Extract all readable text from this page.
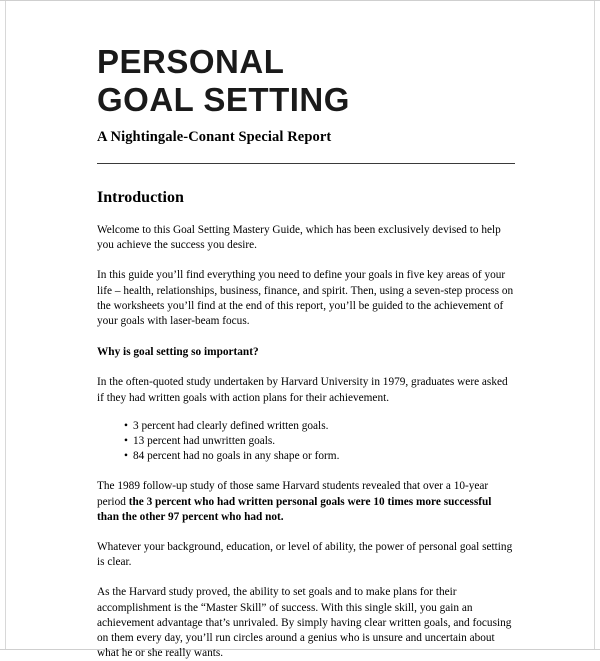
PERSONAL
GOAL SETTING
A Nightingale-Conant Special Report
Introduction

Welcome to this Goal Setting Mastery Guide, which has been exclusively devised to help you achieve the success you desire.

In this guide you’ll find everything you need to define your goals in five key areas of your life – health, relationships, business, finance, and spirit. Then, using a seven-step process on the worksheets you’ll find at the end of this report, you’ll be guided to the achievement of your goals with laser-beam focus.

Why is goal setting so important?

In the often-quoted study undertaken by Harvard University in 1979, graduates were asked if they had written goals with action plans for their achievement.

• 3 percent had clearly defined written goals.
• 13 percent had unwritten goals.
• 84 percent had no goals in any shape or form.

The 1989 follow-up study of those same Harvard students revealed that over a 10-year period the 3 percent who had written personal goals were 10 times more successful than the other 97 percent who had not.

Whatever your background, education, or level of ability, the power of personal goal setting is clear.

As the Harvard study proved, the ability to set goals and to make plans for their accomplishment is the “Master Skill” of success. With this single skill, you gain an achievement advantage that’s unrivaled. By simply having clear written goals, and focusing on them every day, you’ll run circles around a genius who is unsure and uncertain about what he or she really wants.
